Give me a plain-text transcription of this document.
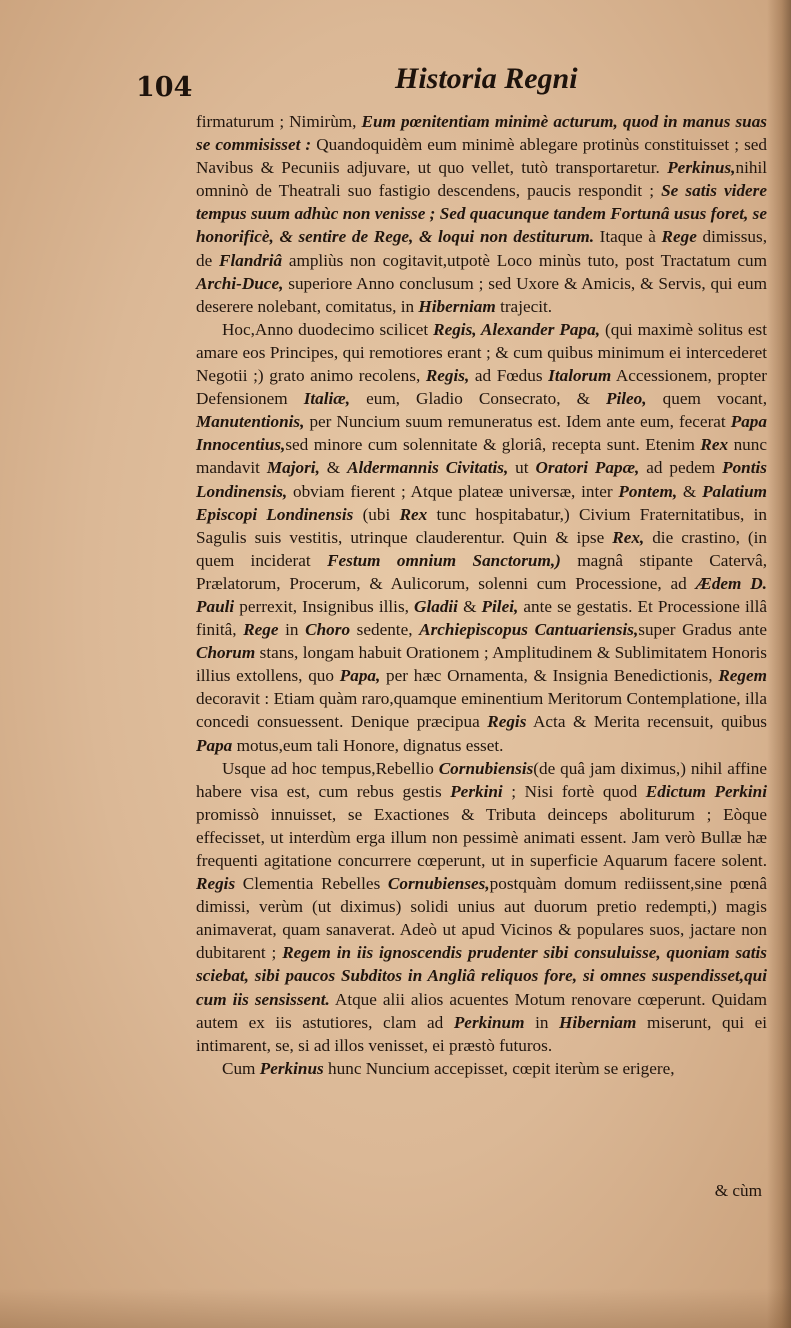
104	Historia Regni

firmaturum ; Nimirùm, Eum pœnitentiam minimè acturum, quod in manus suas se commisisset : Quandoquidèm eum minimè ablegare protinùs constituisset ; sed Navibus & Pecuniis adjuvare, ut quo vellet, tutò transportaretur. Perkinus,nihil omninò de Theatrali suo fastigio descendens, paucis respondit ; Se satis videre tempus suum adhùc non venisse ; Sed quacunque tandem Fortunâ usus foret, se honorificè, & sentire de Rege, & loqui non destiturum. Itaque à Rege dimissus, de Flandriâ ampliùs non cogitavit,utpotè Loco minùs tuto, post Tractatum cum Archi-Duce, superiore Anno conclusum ; sed Uxore & Amicis, & Servis, qui eum deserere nolebant, comitatus, in Hiberniam trajecit.

Hoc,Anno duodecimo scilicet Regis, Alexander Papa, (qui maximè solitus est amare eos Principes, qui remotiores erant ; & cum quibus minimum ei intercederet Negotii ;) grato animo recolens, Regis, ad Fœdus Italorum Accessionem, propter Defensionem Italiæ, eum, Gladio Consecrato, & Pileo, quem vocant, Manutentionis, per Nuncium suum remuneratus est. Idem ante eum, fecerat Papa Innocentius,sed minore cum solennitate & gloriâ, recepta sunt. Etenim Rex nunc mandavit Majori, & Aldermannis Civitatis, ut Oratori Papæ, ad pedem Pontis Londinensis, obviam fierent ; Atque plateæ universæ, inter Pontem, & Palatium Episcopi Londinensis (ubi Rex tunc hospitabatur,) Civium Fraternitatibus, in Sagulis suis vestitis, utrinque clauderentur. Quin & ipse Rex, die crastino, (in quem inciderat Festum omnium Sanctorum,) magnâ stipante Catervâ, Prælatorum, Procerum, & Aulicorum, solenni cum Processione, ad Ædem D. Pauli perrexit, Insignibus illis, Gladii & Pilei, ante se gestatis. Et Processione illâ finitâ, Rege in Choro sedente, Archiepiscopus Cantuariensis,super Gradus ante Chorum stans, longam habuit Orationem ; Amplitudinem & Sublimitatem Honoris illius extollens, quo Papa, per hæc Ornamenta, & Insignia Benedictionis, Regem decoravit : Etiam quàm raro,quamque eminentium Meritorum Contemplatione, illa concedi consuessent. Denique præcipua Regis Acta & Merita recensuit, quibus Papa motus,eum tali Honore, dignatus esset.

Usque ad hoc tempus,Rebellio Cornubiensis(de quâ jam diximus,) nihil affine habere visa est, cum rebus gestis Perkini ; Nisi fortè quod Edictum Perkini promissò innuisset, se Exactiones & Tributa deinceps aboliturum ; Eòque effecisset, ut interdùm erga illum non pessimè animati essent. Jam verò Bullæ hæ frequenti agitatione concurrere cœperunt, ut in superficie Aquarum facere solent. Regis Clementia Rebelles Cornubienses,postquàm domum rediissent,sine pœnâ dimissi, verùm (ut diximus) solidi unius aut duorum pretio redempti,) magis animaverat, quam sanaverat. Adeò ut apud Vicinos & populares suos, jactare non dubitarent ; Regem in iis ignoscendis prudenter sibi consuluisse, quoniam satis sciebat, sibi paucos Subditos in Angliâ reliquos fore, si omnes suspendisset,qui cum iis sensissent. Atque alii alios acuentes Motum renovare cœperunt. Quidam autem ex iis astutiores, clam ad Perkinum in Hiberniam miserunt, qui ei intimarent, se, si ad illos venisset, ei præstò futuros.

Cum Perkinus hunc Nuncium accepisset, cœpit iterùm se erigere,

& cùm
